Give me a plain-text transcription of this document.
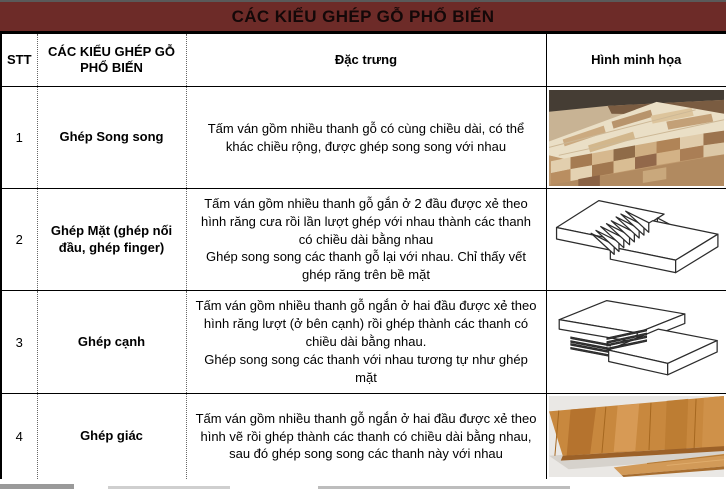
CÁC KIỂU GHÉP GỖ PHỔ BIẾN
STT	CÁC KIỂU GHÉP GỖ PHỔ BIẾN	Đặc trưng	Hình minh họa
1	Ghép Song song	Tấm ván gồm nhiều thanh gỗ có cùng chiều dài, có thể khác chiều rộng, được ghép song song với nhau

2	Ghép Mặt (ghép nối đầu, ghép finger)	Tấm ván gồm nhiều thanh gỗ gắn ở 2 đầu được xẻ theo hình răng cưa rồi lần lượt ghép với nhau thành các thanh có chiều dài bằng nhau
Ghép song song các thanh gỗ lại với nhau. Chỉ thấy vết ghép răng trên bề mặt

3	Ghép cạnh	Tấm ván gồm nhiều thanh gỗ ngắn ở hai đầu được xẻ theo hình răng lượt (ở bên cạnh) rồi ghép thành các thanh có chiều dài bằng nhau.
Ghép song song các thanh với nhau tương tự như ghép mặt

4	Ghép giác	Tấm ván gồm nhiều thanh gỗ ngắn ở hai đầu được xẻ theo hình vẽ rồi ghép thành các thanh có chiều dài bằng nhau, sau đó ghép song song các thanh này với nhau
